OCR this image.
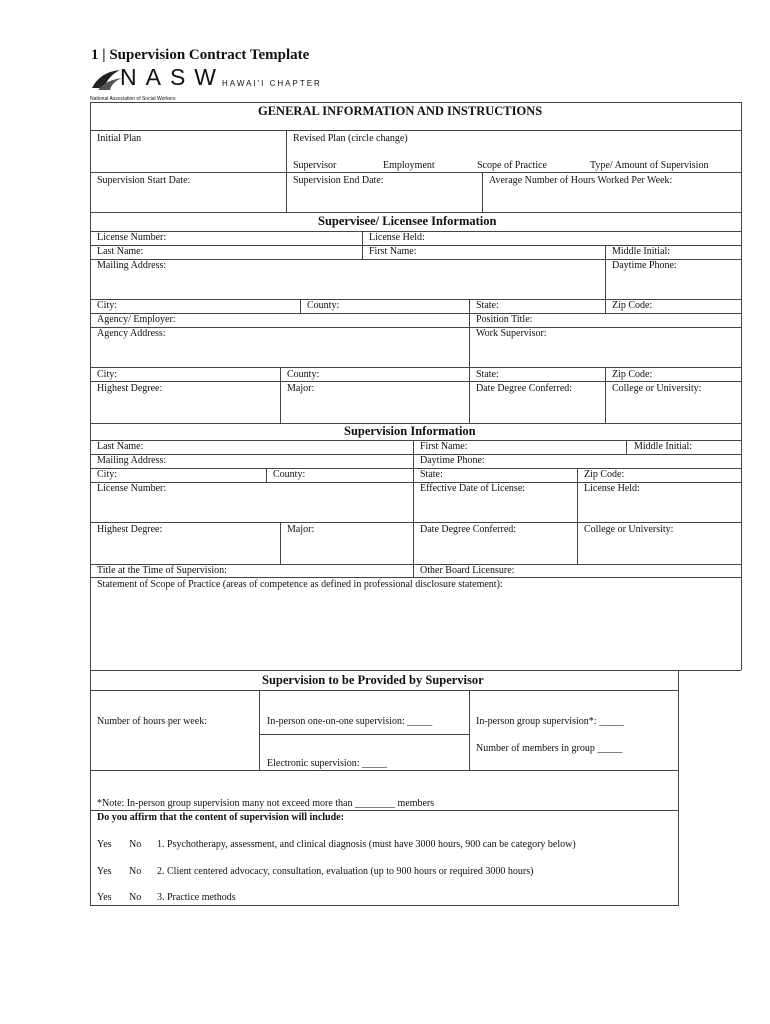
1 | Supervision Contract Template
NASW
HAWAI'I CHAPTER
National Association of Social Workers
GENERAL INFORMATION AND INSTRUCTIONS
Initial Plan	Revised Plan (circle change)
Supervisor	Employment	Scope of Practice	Type/ Amount of Supervision
Supervision Start Date:	Supervision End Date:	Average Number of Hours Worked Per Week:
Supervisee/ Licensee Information
License Number:	License Held:
Last Name:	First Name:	Middle Initial:
Mailing Address:	Daytime Phone:
City:	County:	State:	Zip Code:
Agency/ Employer:	Position Title:
Agency Address:	Work Supervisor:
City:	County:	State:	Zip Code:
Highest Degree:	Major:	Date Degree Conferred:	College or University:
Supervision Information
Last Name:	First Name:	Middle Initial:
Mailing Address:	Daytime Phone:
City:	County:	State:	Zip Code:
License Number:	Effective Date of License:	License Held:
Highest Degree:	Major:	Date Degree Conferred:	College or University:
Title at the Time of Supervision:	Other Board Licensure:
Statement of Scope of Practice (areas of competence as defined in professional disclosure statement):
Supervision to be Provided by Supervisor
Number of hours per week:	In-person one-on-one supervision: _____	In-person group supervision*: _____
Number of members in group _____
Electronic supervision: _____
*Note: In-person group supervision many not exceed more than ________ members
Do you affirm that the content of supervision will include:
Yes No 1. Psychotherapy, assessment, and clinical diagnosis (must have 3000 hours, 900 can be category below)
Yes No 2. Client centered advocacy, consultation, evaluation (up to 900 hours or required 3000 hours)
Yes No 3. Practice methods
